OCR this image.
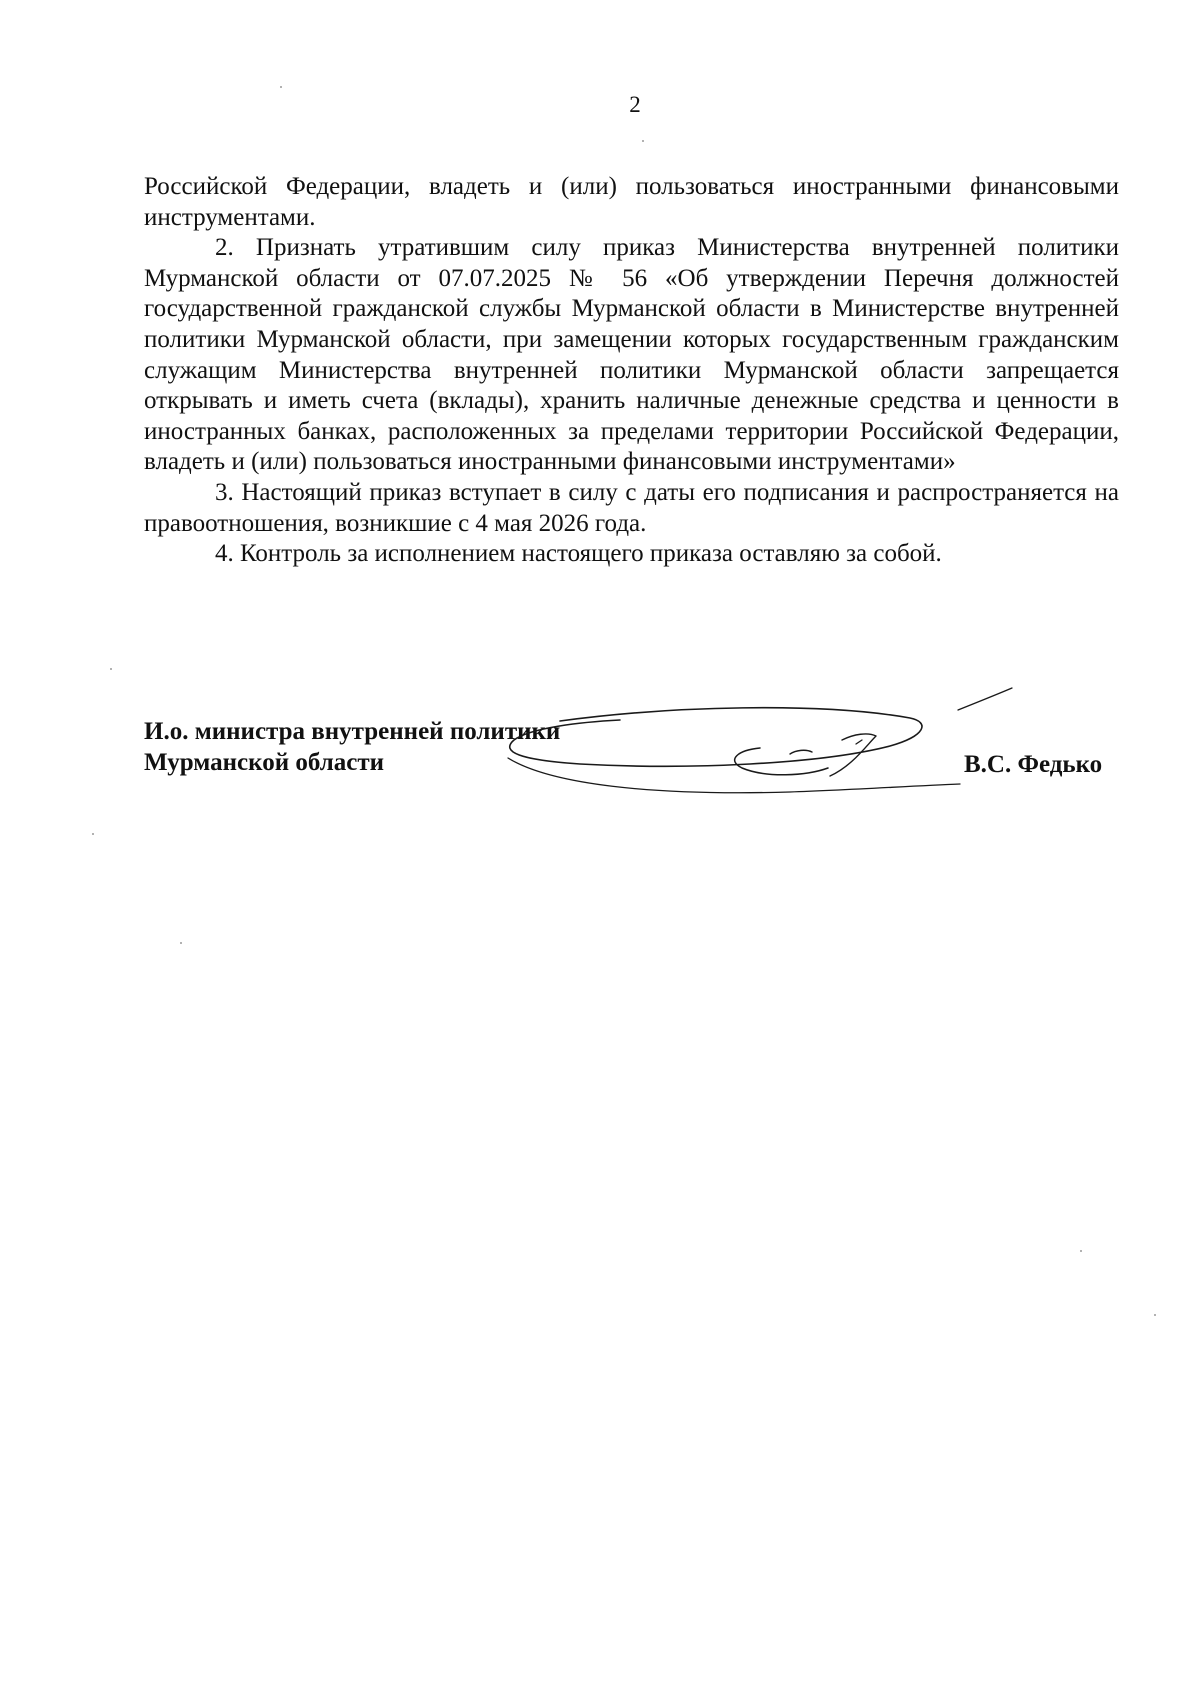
2

Российской Федерации, владеть и (или) пользоваться иностранными финансовыми инструментами.

2. Признать утратившим силу приказ Министерства внутренней политики Мурманской области от 07.07.2025 № 56 «Об утверждении Перечня должностей государственной гражданской службы Мурманской области в Министерстве внутренней политики Мурманской области, при замещении которых государственным гражданским служащим Министерства внутренней политики Мурманской области запрещается открывать и иметь счета (вклады), хранить наличные денежные средства и ценности в иностранных банках, расположенных за пределами территории Российской Федерации, владеть и (или) пользоваться иностранными финансовыми инструментами»

3. Настоящий приказ вступает в силу с даты его подписания и распространяется на правоотношения, возникшие с 4 мая 2026 года.

4. Контроль за исполнением настоящего приказа оставляю за собой.

И.о. министра внутренней политики
Мурманской области	В.С. Федько
